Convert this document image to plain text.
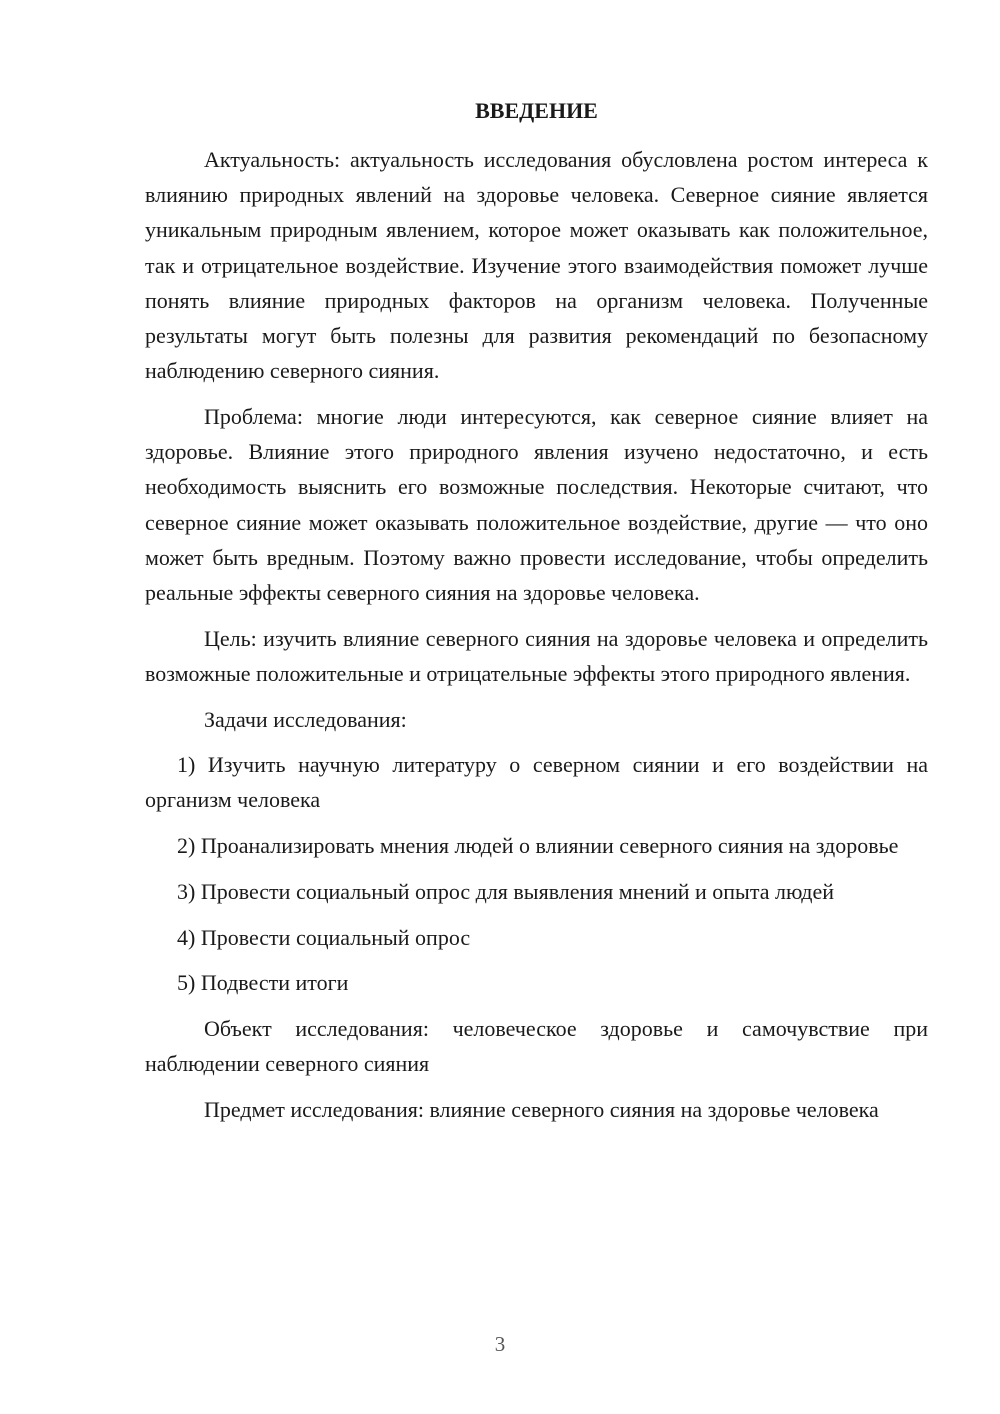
ВВЕДЕНИЕ

Актуальность: актуальность исследования обусловлена ростом интереса к влиянию природных явлений на здоровье человека. Северное сияние является уникальным природным явлением, которое может оказывать как положительное, так и отрицательное воздействие. Изучение этого взаимодействия поможет лучше понять влияние природных факторов на организм человека. Полученные результаты могут быть полезны для развития рекомендаций по безопасному наблюдению северного сияния.

Проблема: многие люди интересуются, как северное сияние влияет на здоровье. Влияние этого природного явления изучено недостаточно, и есть необходимость выяснить его возможные последствия. Некоторые считают, что северное сияние может оказывать положительное воздействие, другие — что оно может быть вредным. Поэтому важно провести исследование, чтобы определить реальные эффекты северного сияния на здоровье человека.

Цель: изучить влияние северного сияния на здоровье человека и определить возможные положительные и отрицательные эффекты этого природного явления.

Задачи исследования:

1) Изучить научную литературу о северном сиянии и его воздействии на организм человека

2) Проанализировать мнения людей о влиянии северного сияния на здоровье

3) Провести социальный опрос для выявления мнений и опыта людей

4) Провести социальный опрос

5) Подвести итоги

Объект исследования: человеческое здоровье и самочувствие при наблюдении северного сияния

Предмет исследования: влияние северного сияния на здоровье человека

3
